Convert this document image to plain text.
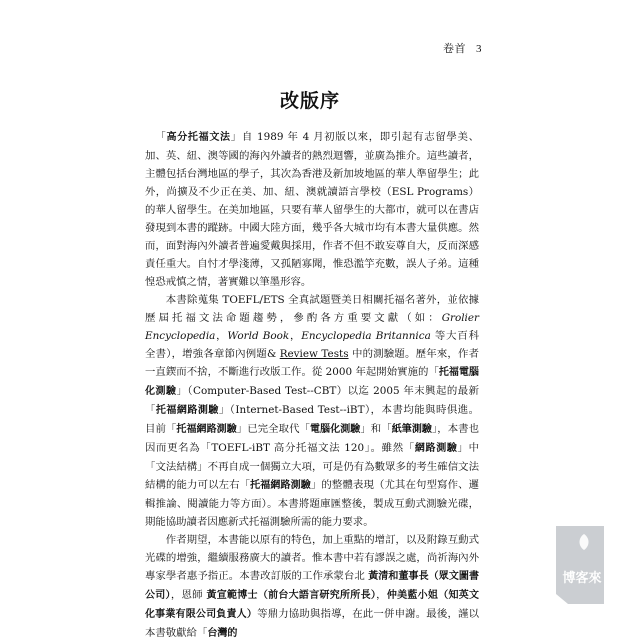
卷首 3
改版序

「高分托福文法」自 1989 年 4 月初版以來，即引起有志留學美、加、英、紐、澳等國的海內外讀者的熱烈迴響，並廣為推介。這些讀者，主體包括台灣地區的學子，其次為香港及新加坡地區的華人準留學生；此外，尚擴及不少正在美、加、紐、澳就讀語言學校（ESL Programs）的華人留學生。在美加地區，只要有華人留學生的大都市，就可以在書店發現到本書的蹤跡。中國大陸方面，幾乎各大城市均有本書大量供應。然而，面對海內外讀者普遍愛戴與採用，作者不但不敢妄尊自大，反而深感責任重大。自忖才學淺薄，又孤陋寡聞，惟恐濫竽充數，誤人子弟。這種惶恐戒慎之情，著實難以筆墨形容。

本書除蒐集 TOEFL/ETS 全真試題暨美日相關托福名著外，並依據歷屆托福文法命題趨勢，參酌各方重要文獻（如：Grolier Encyclopedia，World Book，Encyclopedia Britannica 等大百科全書），增強各章節內例題& Review Tests 中的測驗題。歷年來，作者一直鍥而不捨，不斷進行改版工作。從 2000 年起開始實施的「托福電腦化測驗」（Computer-Based Test--CBT）以迄 2005 年末興起的最新「托福網路測驗」（Internet-Based Test--iBT），本書均能與時俱進。目前「托福網路測驗」已完全取代「電腦化測驗」和「紙筆測驗」，本書也因而更名為「TOEFL-iBT 高分托福文法 120」。雖然「網路測驗」中「文法結構」不再自成一個獨立大項，可是仍有為數眾多的考生確信文法結構的能力可以左右「托福網路測驗」的整體表現（尤其在句型寫作、邏輯推論、閱讀能力等方面）。本書將題庫匯整後，製成互動式測驗光碟，期能協助讀者因應新式托福測驗所需的能力要求。

作者期望，本書能以原有的特色，加上重點的增訂，以及附錄互動式光碟的增強，繼續服務廣大的讀者。惟本書中若有謬誤之處，尚祈海內外專家學者惠予指正。本書改訂版的工作承蒙台北 黃清和董事長（眾文圖書公司），恩師 黃宣範博士（前台大語言研究所所長），仲美藍小姐（知英文化事業有限公司負責人）等鼎力協助與指導，在此一併申謝。最後，謹以本書敬獻給「台灣的

博客來
